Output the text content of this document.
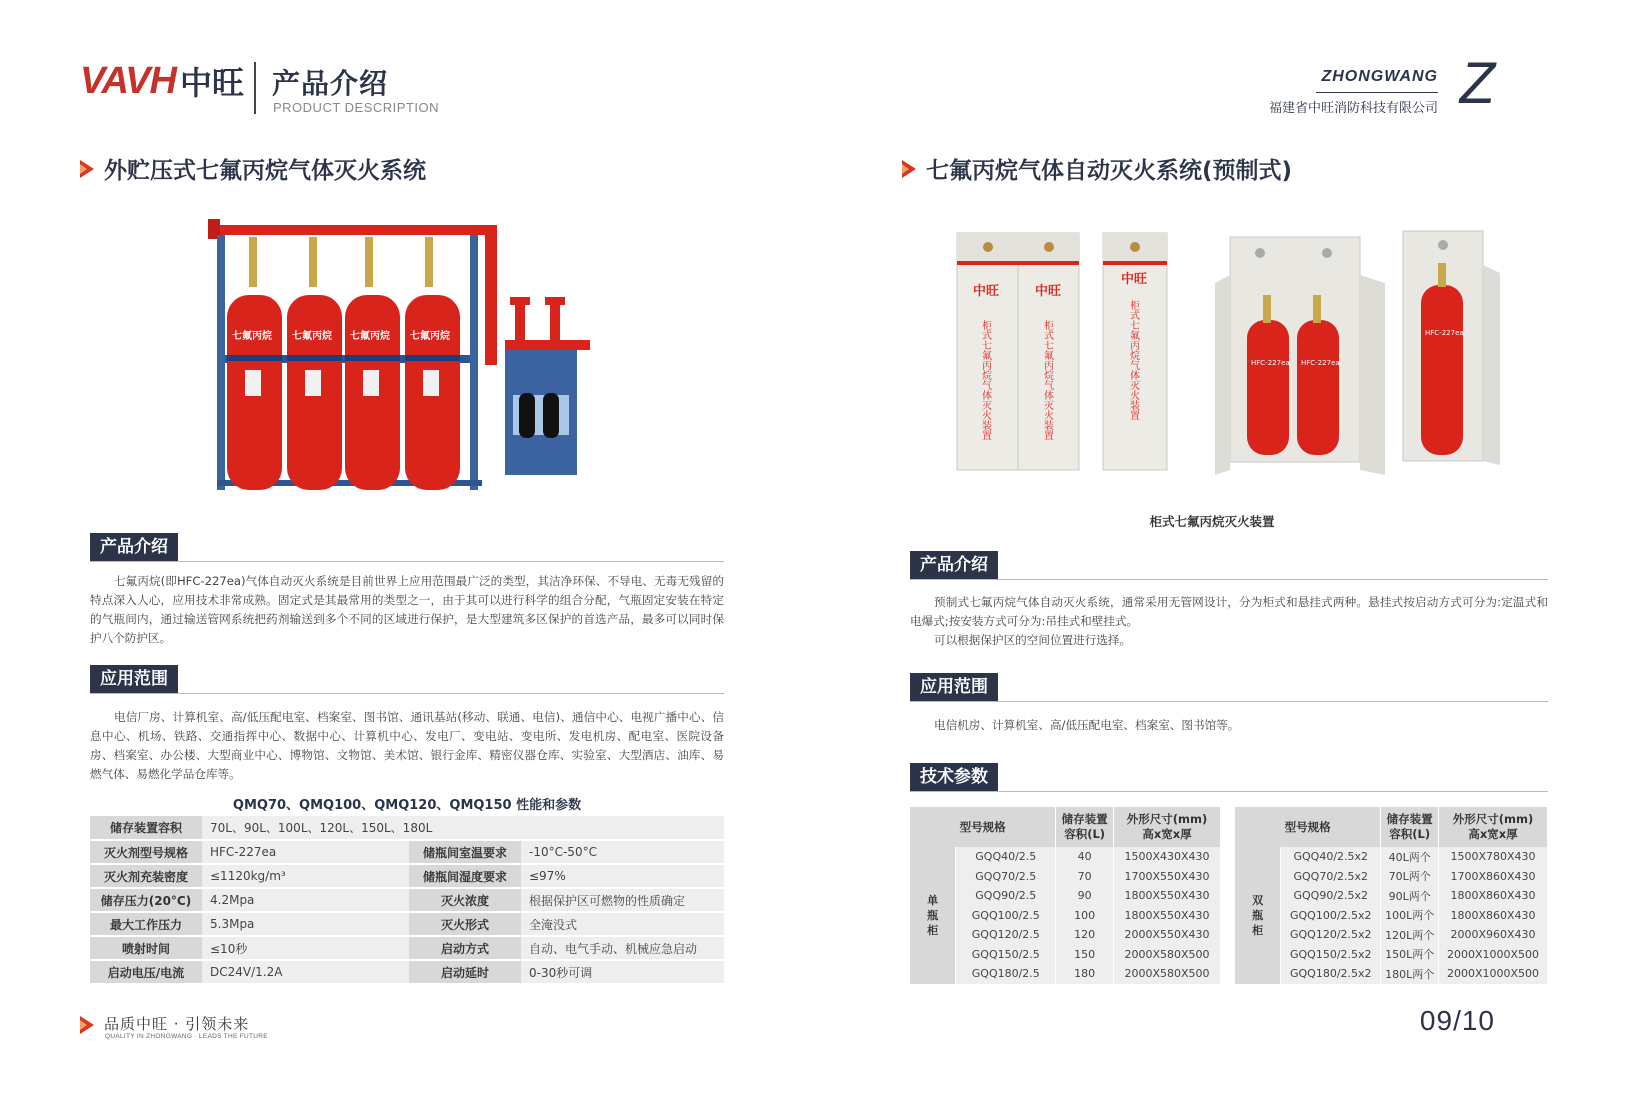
VAVH 中旺 产品介绍
PRODUCT DESCRIPTION
ZHONGWANG
福建省中旺消防科技有限公司 Z
外贮压式七氟丙烷气体灭火系统
七氟丙烷 七氟丙烷 七氟丙烷 七氟丙烷
产品介绍

七氟丙烷(即HFC-227ea)气体自动灭火系统是目前世界上应用范围最广泛的类型，其洁净环保、不导电、无毒无残留的特点深入人心，应用技术非常成熟。固定式是其最常用的类型之一，由于其可以进行科学的组合分配，气瓶固定安装在特定的气瓶间内，通过输送管网系统把药剂输送到多个不同的区域进行保护，是大型建筑多区保护的首选产品，最多可以同时保护八个防护区。

应用范围

电信厂房、计算机室、高/低压配电室、档案室、图书馆、通讯基站(移动、联通、电信)、通信中心、电视广播中心、信息中心、机场、铁路、交通指挥中心、数据中心、计算机中心、发电厂、变电站、变电所、发电机房、配电室、医院设备房、档案室、办公楼、大型商业中心、博物馆、文物馆、美术馆、银行金库、精密仪器仓库、实验室、大型酒店、油库、易燃气体、易燃化学品仓库等。

QMQ70、QMQ100、QMQ120、QMQ150 性能和参数
储存装置容积	70L、90L、100L、120L、150L、180L		
灭火剂型号规格	HFC-227ea	储瓶间室温要求	-10°C-50°C
灭火剂充装密度	≤1120kg/m³	储瓶间湿度要求	≤97%
储存压力(20°C)	4.2Mpa	灭火浓度	根据保护区可燃物的性质确定
最大工作压力	5.3Mpa	灭火形式	全淹没式
喷射时间	≤10秒	启动方式	自动、电气手动、机械应急启动
启动电压/电流	DC24V/1.2A	启动延时	0-30秒可调
七氟丙烷气体自动灭火系统(预制式)
中旺	中旺
中旺
HFC-227ea HFC-227ea
HFC-227ea
柜式七氟丙烷气体灭火装置	柜式七氟丙烷气体灭火装置	柜式七氟丙烷气体灭火装置
柜式七氟丙烷灭火装置
产品介绍

预制式七氟丙烷气体自动灭火系统，通常采用无管网设计，分为柜式和悬挂式两种。悬挂式按启动方式可分为:定温式和电爆式;按安装方式可分为:吊挂式和壁挂式。

可以根据保护区的空间位置进行选择。

应用范围

电信机房、计算机室、高/低压配电室、档案室、图书馆等。

技术参数
型号规格		储存装置
容积(L)	外形尺寸(mm)
高x宽x厚
单瓶柜	GQQ40/2.5	40	1500X430X430
	GQQ70/2.5	70	1700X550X430
	GQQ90/2.5	90	1800X550X430
	GQQ100/2.5	100	1800X550X430
	GQQ120/2.5	120	2000X550X430
	GQQ150/2.5	150	2000X580X500
	GQQ180/2.5	180	2000X580X500
型号规格		储存装置
容积(L)	外形尺寸(mm)
高x宽x厚
双瓶柜	GQQ40/2.5x2	40L两个	1500X780X430
	GQQ70/2.5x2	70L两个	1700X860X430
	GQQ90/2.5x2	90L两个	1800X860X430
	GQQ100/2.5x2	100L两个	1800X860X430
	GQQ120/2.5x2	120L两个	2000X960X430
	GQQ150/2.5x2	150L两个	2000X1000X500
	GQQ180/2.5x2	180L两个	2000X1000X500
品质中旺 · 引领未来
QUALITY IN ZHONGWANG · LEADS THE FUTURE
09/10
